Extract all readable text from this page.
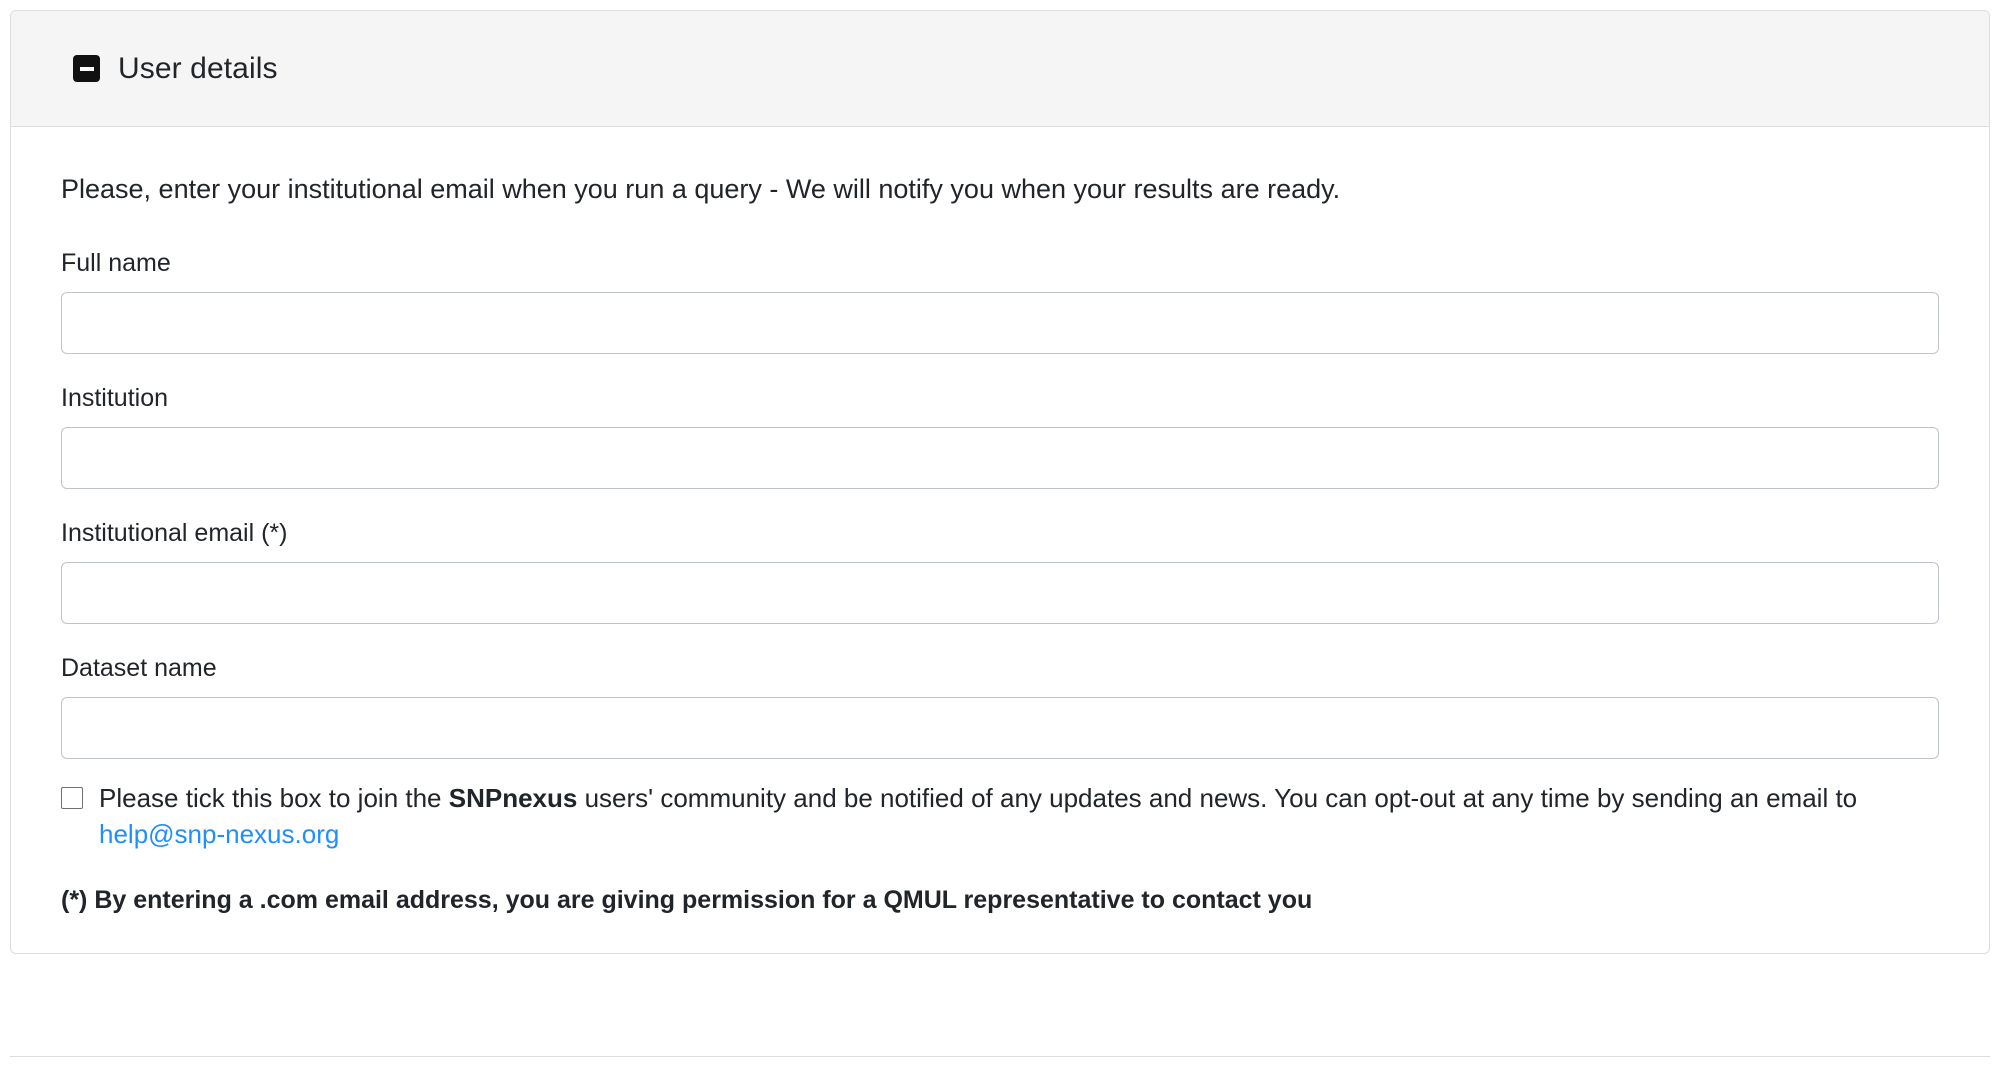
User details

Please, enter your institutional email when you run a query - We will notify you when your results are ready.

Full name
Institution
Institutional email (*)
Dataset name
Please tick this box to join the SNPnexus users' community and be notified of any updates and news. You can opt-out at any time by sending an email to help@snp-nexus.org

(*) By entering a .com email address, you are giving permission for a QMUL representative to contact you
